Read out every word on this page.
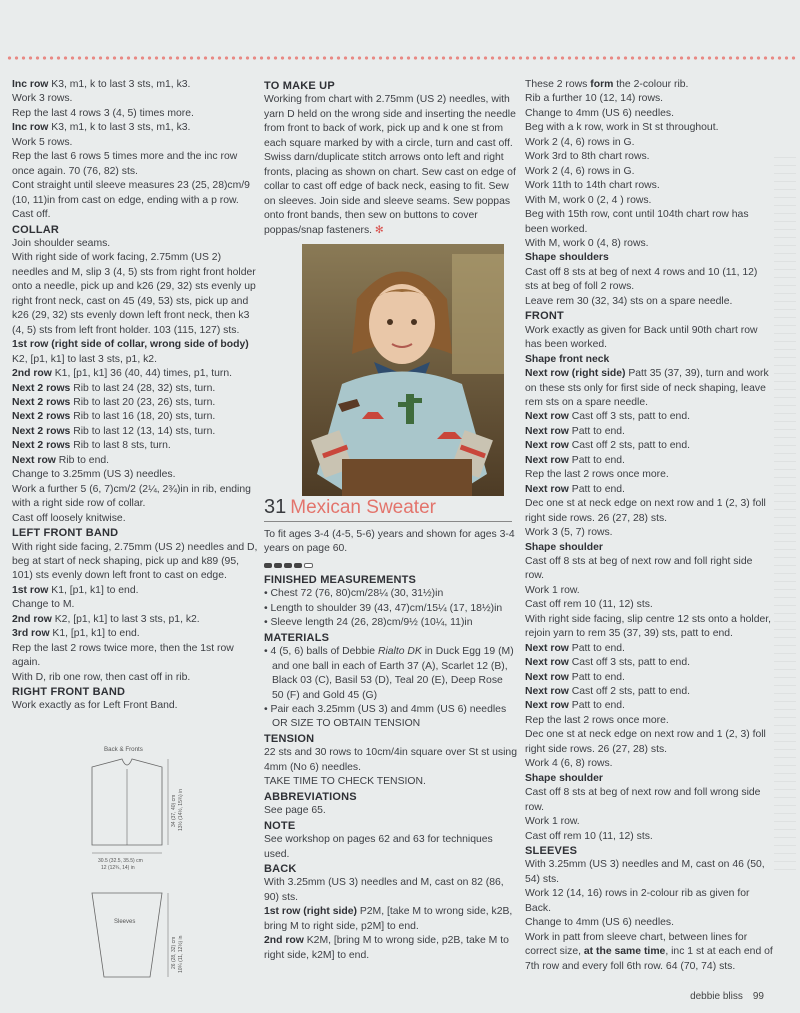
Inc row K3, m1, k to last 3 sts, m1, k3.

Work 3 rows.

Rep the last 4 rows 3 (4, 5) times more.

Inc row K3, m1, k to last 3 sts, m1, k3.

Work 5 rows.

Rep the last 6 rows 5 times more and the inc row once again. 70 (76, 82) sts.

Cont straight until sleeve measures 23 (25, 28)cm/9 (10, 11)in from cast on edge, ending with a p row.

Cast off.

COLLAR

Join shoulder seams.

With right side of work facing, 2.75mm (US 2) needles and M, slip 3 (4, 5) sts from right front holder onto a needle, pick up and k26 (29, 32) sts evenly up right front neck, cast on 45 (49, 53) sts, pick up and k26 (29, 32) sts evenly down left front neck, then k3 (4, 5) sts from left front holder. 103 (115, 127) sts.

1st row (right side of collar, wrong side of body) K2, [p1, k1] to last 3 sts, p1, k2.

2nd row K1, [p1, k1] 36 (40, 44) times, p1, turn.

Next 2 rows Rib to last 24 (28, 32) sts, turn.

Next 2 rows Rib to last 20 (23, 26) sts, turn.

Next 2 rows Rib to last 16 (18, 20) sts, turn.

Next 2 rows Rib to last 12 (13, 14) sts, turn.

Next 2 rows Rib to last 8 sts, turn.

Next row Rib to end.

Change to 3.25mm (US 3) needles.

Work a further 5 (6, 7)cm/2 (2¼, 2¾)in in rib, ending with a right side row of collar.

Cast off loosely knitwise.

LEFT FRONT BAND

With right side facing, 2.75mm (US 2) needles and D, beg at start of neck shaping, pick up and k89 (95, 101) sts evenly down left front to cast on edge.

1st row K1, [p1, k1] to end.

Change to M.

2nd row K2, [p1, k1] to last 3 sts, p1, k2.

3rd row K1, [p1, k1] to end.

Rep the last 2 rows twice more, then the 1st row again.

With D, rib one row, then cast off in rib.

RIGHT FRONT BAND

Work exactly as for Left Front Band.

Back & Fronts
30.5 (32.5, 35.5) cm
12 (12¾, 14) in
34 (37, 40) cm 13½ (14½, 15¾) in
Sleeves
26 (28, 32) cm 10¼ (11, 12½) in

TO MAKE UP

Working from chart with 2.75mm (US 2) needles, with yarn D held on the wrong side and inserting the needle from front to back of work, pick up and k one st from each square marked by with a circle, turn and cast off. Swiss darn/duplicate stitch arrows onto left and right fronts, placing as shown on chart. Sew cast on edge of collar to cast off edge of back neck, easing to fit. Sew on sleeves. Join side and sleeve seams. Sew poppas onto front bands, then sew on buttons to cover poppas/snap fasteners. ✻

31 Mexican Sweater

To fit ages 3-4 (4-5, 5-6) years and shown for ages 3-4 years on page 60.

FINISHED MEASUREMENTS

• Chest 72 (76, 80)cm/28¼ (30, 31½)in

• Length to shoulder 39 (43, 47)cm/15¼ (17, 18½)in

• Sleeve length 24 (26, 28)cm/9½ (10¼, 11)in

MATERIALS

• 4 (5, 6) balls of Debbie Rialto DK in Duck Egg 19 (M) and one ball in each of Earth 37 (A), Scarlet 12 (B), Black 03 (C), Basil 53 (D), Teal 20 (E), Deep Rose 50 (F) and Gold 45 (G)

• Pair each 3.25mm (US 3) and 4mm (US 6) needles OR SIZE TO OBTAIN TENSION

TENSION

22 sts and 30 rows to 10cm/4in square over St st using 4mm (No 6) needles.

TAKE TIME TO CHECK TENSION.

ABBREVIATIONS

See page 65.

NOTE

See workshop on pages 62 and 63 for techniques used.

BACK

With 3.25mm (US 3) needles and M, cast on 82 (86, 90) sts.

1st row (right side) P2M, [take M to wrong side, k2B, bring M to right side, p2M] to end.

2nd row K2M, [bring M to wrong side, p2B, take M to right side, k2M] to end.

These 2 rows form the 2-colour rib.

Rib a further 10 (12, 14) rows.

Change to 4mm (US 6) needles.

Beg with a k row, work in St st throughout.

Work 2 (4, 6) rows in G.

Work 3rd to 8th chart rows.

Work 2 (4, 6) rows in G.

Work 11th to 14th chart rows.

With M, work 0 (2, 4 ) rows.

Beg with 15th row, cont until 104th chart row has been worked.

With M, work 0 (4, 8) rows.

Shape shoulders

Cast off 8 sts at beg of next 4 rows and 10 (11, 12) sts at beg of foll 2 rows.

Leave rem 30 (32, 34) sts on a spare needle.

FRONT

Work exactly as given for Back until 90th chart row has been worked.

Shape front neck

Next row (right side) Patt 35 (37, 39), turn and work on these sts only for first side of neck shaping, leave rem sts on a spare needle.

Next row Cast off 3 sts, patt to end.

Next row Patt to end.

Next row Cast off 2 sts, patt to end.

Next row Patt to end.

Rep the last 2 rows once more.

Next row Patt to end.

Dec one st at neck edge on next row and 1 (2, 3) foll right side rows. 26 (27, 28) sts.

Work 3 (5, 7) rows.

Shape shoulder

Cast off 8 sts at beg of next row and foll right side row.

Work 1 row.

Cast off rem 10 (11, 12) sts.

With right side facing, slip centre 12 sts onto a holder, rejoin yarn to rem 35 (37, 39) sts, patt to end.

Next row Patt to end.

Next row Cast off 3 sts, patt to end.

Next row Patt to end.

Next row Cast off 2 sts, patt to end.

Next row Patt to end.

Rep the last 2 rows once more.

Dec one st at neck edge on next row and 1 (2, 3) foll right side rows. 26 (27, 28) sts.

Work 4 (6, 8) rows.

Shape shoulder

Cast off 8 sts at beg of next row and foll wrong side row.

Work 1 row.

Cast off rem 10 (11, 12) sts.

SLEEVES

With 3.25mm (US 3) needles and M, cast on 46 (50, 54) sts.

Work 12 (14, 16) rows in 2-colour rib as given for Back.

Change to 4mm (US 6) needles.

Work in patt from sleeve chart, between lines for correct size, at the same time, inc 1 st at each end of 7th row and every foll 6th row. 64 (70, 74) sts.

debbie bliss 99
